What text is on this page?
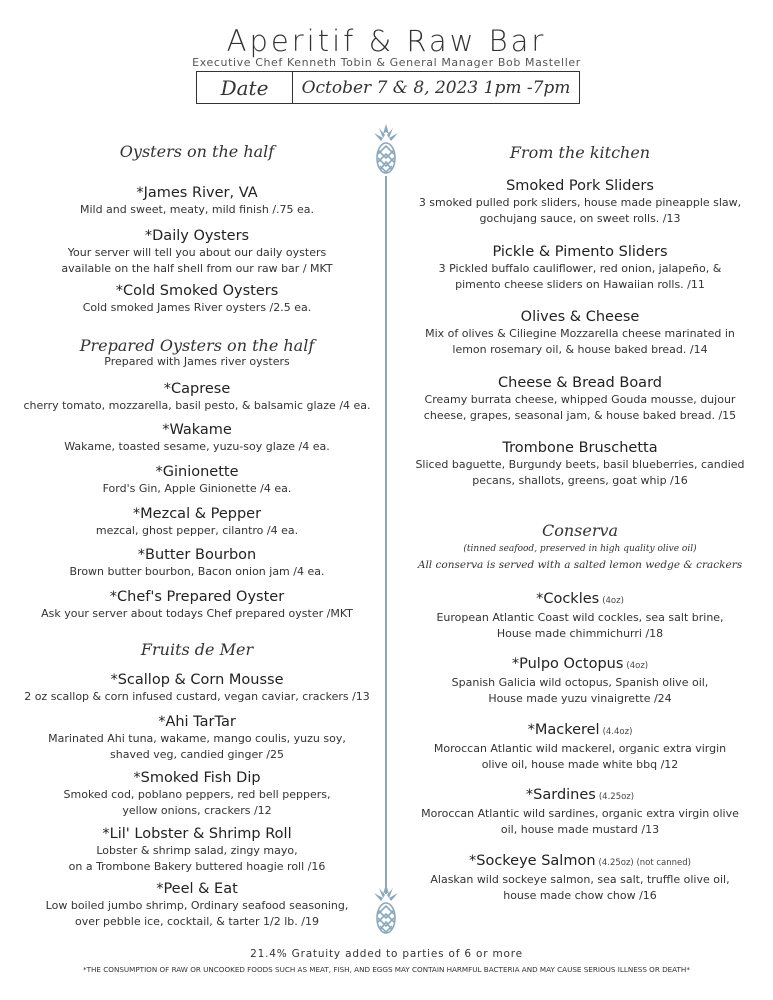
Aperitif & Raw Bar
Executive Chef Kenneth Tobin & General Manager Bob Masteller
Date	October 7 & 8, 2023 1pm -7pm
Oysters on the half
*James River, VA
Mild and sweet, meaty, mild finish /.75 ea.
*Daily Oysters
Your server will tell you about our daily oysters
available on the half shell from our raw bar / MKT
*Cold Smoked Oysters
Cold smoked James River oysters /2.5 ea.
Prepared Oysters on the half
Prepared with James river oysters
*Caprese
cherry tomato, mozzarella, basil pesto, & balsamic glaze /4 ea.
*Wakame
Wakame, toasted sesame, yuzu-soy glaze /4 ea.
*Ginionette
Ford's Gin, Apple Ginionette /4 ea.
*Mezcal & Pepper
mezcal, ghost pepper, cilantro /4 ea.
*Butter Bourbon
Brown butter bourbon, Bacon onion jam /4 ea.
*Chef's Prepared Oyster
Ask your server about todays Chef prepared oyster /MKT
Fruits de Mer
*Scallop & Corn Mousse
2 oz scallop & corn infused custard, vegan caviar, crackers /13
*Ahi TarTar
Marinated Ahi tuna, wakame, mango coulis, yuzu soy,
shaved veg, candied ginger /25
*Smoked Fish Dip
Smoked cod, poblano peppers, red bell peppers,
yellow onions, crackers /12
*Lil' Lobster & Shrimp Roll
Lobster & shrimp salad, zingy mayo,
on a Trombone Bakery buttered hoagie roll /16
*Peel & Eat
Low boiled jumbo shrimp, Ordinary seafood seasoning,
over pebble ice, cocktail, & tarter 1/2 lb. /19
From the kitchen
Smoked Pork Sliders
3 smoked pulled pork sliders, house made pineapple slaw,
gochujang sauce, on sweet rolls. /13
Pickle & Pimento Sliders
3 Pickled buffalo cauliflower, red onion, jalapeño, &
pimento cheese sliders on Hawaiian rolls. /11
Olives & Cheese
Mix of olives & Ciliegine Mozzarella cheese marinated in
lemon rosemary oil, & house baked bread. /14
Cheese & Bread Board
Creamy burrata cheese, whipped Gouda mousse, dujour
cheese, grapes, seasonal jam, & house baked bread. /15
Trombone Bruschetta
Sliced baguette, Burgundy beets, basil blueberries, candied
pecans, shallots, greens, goat whip /16
Conserva
(tinned seafood, preserved in high quality olive oil)
All conserva is served with a salted lemon wedge & crackers
*Cockles (4oz)
European Atlantic Coast wild cockles, sea salt brine,
House made chimmichurri /18
*Pulpo Octopus (4oz)
Spanish Galicia wild octopus, Spanish olive oil,
House made yuzu vinaigrette /24
*Mackerel (4.4oz)
Moroccan Atlantic wild mackerel, organic extra virgin
olive oil, house made white bbq /12
*Sardines (4.25oz)
Moroccan Atlantic wild sardines, organic extra virgin olive
oil, house made mustard /13
*Sockeye Salmon (4.25oz) (not canned)
Alaskan wild sockeye salmon, sea salt, truffle olive oil,
house made chow chow /16
21.4% Gratuity added to parties of 6 or more
*THE CONSUMPTION OF RAW OR UNCOOKED FOODS SUCH AS MEAT, FISH, AND EGGS MAY CONTAIN HARMFUL BACTERIA AND MAY CAUSE SERIOUS ILLNESS OR DEATH*
